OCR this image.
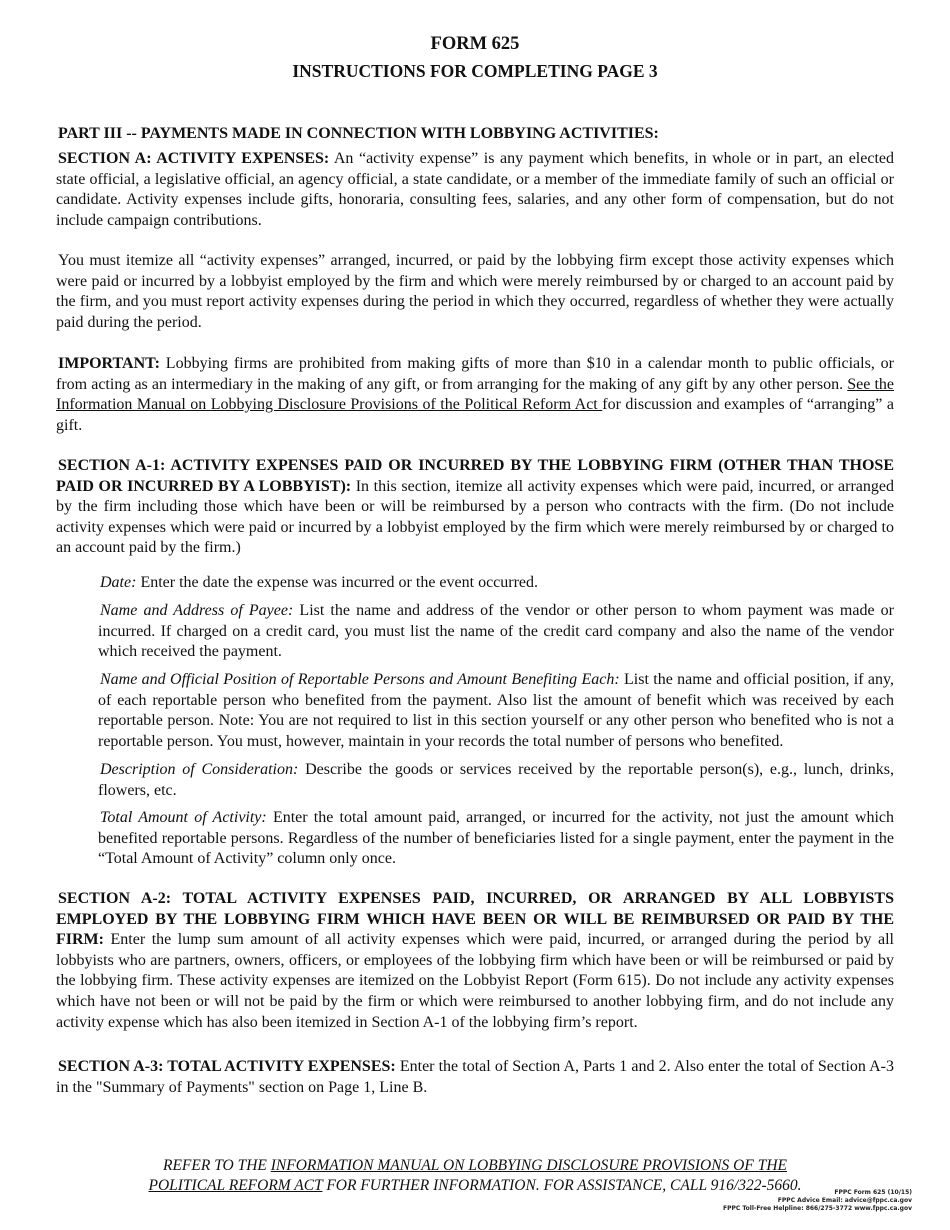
FORM 625
INSTRUCTIONS FOR COMPLETING PAGE 3
PART III -- PAYMENTS MADE IN CONNECTION WITH LOBBYING ACTIVITIES:

SECTION A: ACTIVITY EXPENSES: An “activity expense” is any payment which benefits, in whole or in part, an elected state official, a legislative official, an agency official, a state candidate, or a member of the immediate family of such an official or candidate. Activity expenses include gifts, honoraria, consulting fees, salaries, and any other form of compensation, but do not include campaign contributions.

You must itemize all “activity expenses” arranged, incurred, or paid by the lobbying firm except those activity expenses which were paid or incurred by a lobbyist employed by the firm and which were merely reimbursed by or charged to an account paid by the firm, and you must report activity expenses during the period in which they occurred, regardless of whether they were actually paid during the period.

IMPORTANT: Lobbying firms are prohibited from making gifts of more than $10 in a calendar month to public officials, or from acting as an intermediary in the making of any gift, or from arranging for the making of any gift by any other person. See the Information Manual on Lobbying Disclosure Provisions of the Political Reform Act for discussion and examples of “arranging” a gift.

SECTION A-1: ACTIVITY EXPENSES PAID OR INCURRED BY THE LOBBYING FIRM (OTHER THAN THOSE PAID OR INCURRED BY A LOBBYIST): In this section, itemize all activity expenses which were paid, incurred, or arranged by the firm including those which have been or will be reimbursed by a person who contracts with the firm. (Do not include activity expenses which were paid or incurred by a lobbyist employed by the firm which were merely reimbursed by or charged to an account paid by the firm.)

Date: Enter the date the expense was incurred or the event occurred.

Name and Address of Payee: List the name and address of the vendor or other person to whom payment was made or incurred. If charged on a credit card, you must list the name of the credit card company and also the name of the vendor which received the payment.

Name and Official Position of Reportable Persons and Amount Benefiting Each: List the name and official position, if any, of each reportable person who benefited from the payment. Also list the amount of benefit which was received by each reportable person. Note: You are not required to list in this section yourself or any other person who benefited who is not a reportable person. You must, however, maintain in your records the total number of persons who benefited.

Description of Consideration: Describe the goods or services received by the reportable person(s), e.g., lunch, drinks, flowers, etc.

Total Amount of Activity: Enter the total amount paid, arranged, or incurred for the activity, not just the amount which benefited reportable persons. Regardless of the number of beneficiaries listed for a single payment, enter the payment in the “Total Amount of Activity” column only once.

SECTION A-2: TOTAL ACTIVITY EXPENSES PAID, INCURRED, OR ARRANGED BY ALL LOBBYISTS EMPLOYED BY THE LOBBYING FIRM WHICH HAVE BEEN OR WILL BE REIMBURSED OR PAID BY THE FIRM: Enter the lump sum amount of all activity expenses which were paid, incurred, or arranged during the period by all lobbyists who are partners, owners, officers, or employees of the lobbying firm which have been or will be reimbursed or paid by the lobbying firm. These activity expenses are itemized on the Lobbyist Report (Form 615). Do not include any activity expenses which have not been or will not be paid by the firm or which were reimbursed to another lobbying firm, and do not include any activity expense which has also been itemized in Section A-1 of the lobbying firm’s report.

SECTION A-3: TOTAL ACTIVITY EXPENSES: Enter the total of Section A, Parts 1 and 2. Also enter the total of Section A-3 in the "Summary of Payments" section on Page 1, Line B.

REFER TO THE INFORMATION MANUAL ON LOBBYING DISCLOSURE PROVISIONS OF THE
POLITICAL REFORM ACT FOR FURTHER INFORMATION. FOR ASSISTANCE, CALL 916/322-5660.	FPPC Form 625 (10/15)
FPPC Advice Email: advice@fppc.ca.gov
FPPC Toll-Free Helpline: 866/275-3772 www.fppc.ca.gov
